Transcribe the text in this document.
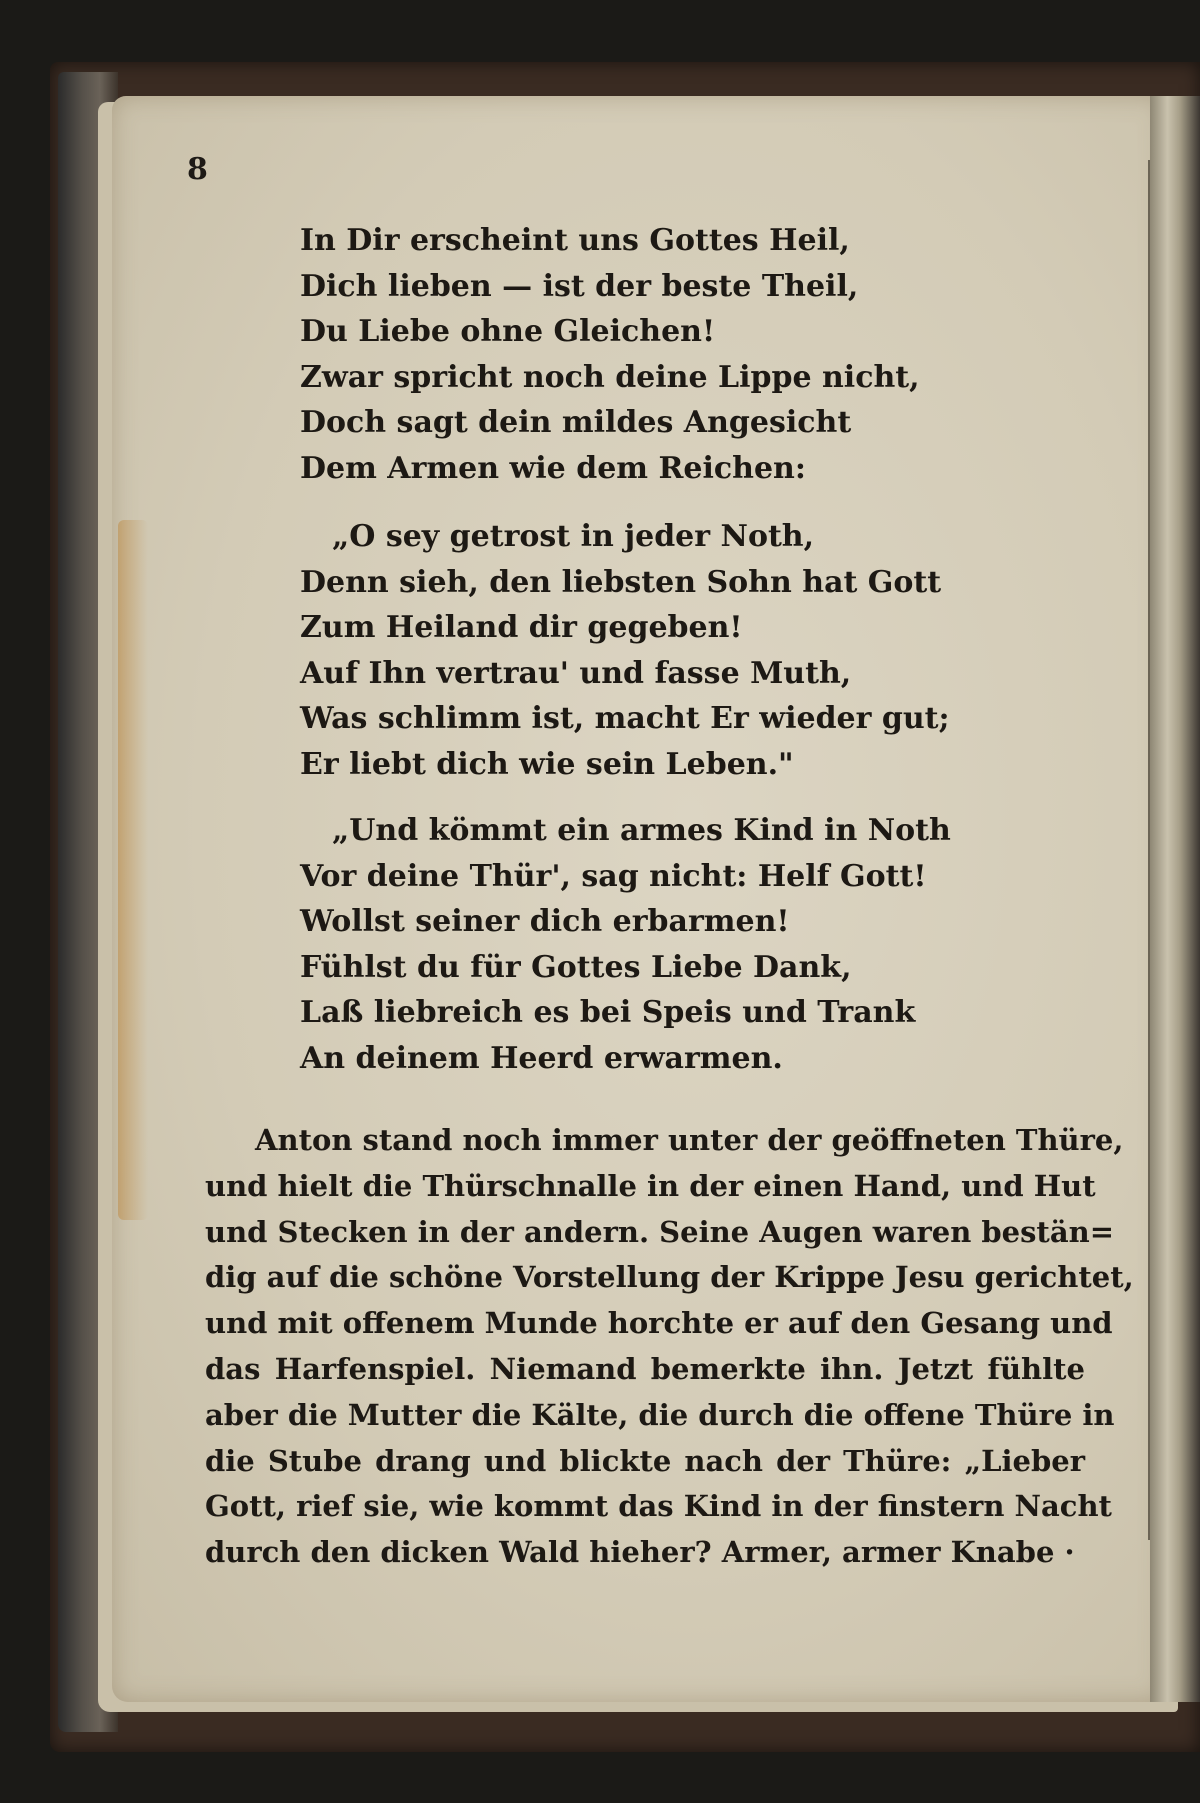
8
In Dir erscheint uns Gottes Heil,
Dich lieben — ist der beste Theil,
Du Liebe ohne Gleichen!
Zwar spricht noch deine Lippe nicht,
Doch sagt dein mildes Angesicht
Dem Armen wie dem Reichen:
„O sey getrost in jeder Noth,
Denn sieh, den liebsten Sohn hat Gott
Zum Heiland dir gegeben!
Auf Ihn vertrau' und fasse Muth,
Was schlimm ist, macht Er wieder gut;
Er liebt dich wie sein Leben."
„Und kömmt ein armes Kind in Noth
Vor deine Thür', sag nicht: Helf Gott!
Wollst seiner dich erbarmen!
Fühlst du für Gottes Liebe Dank,
Laß liebreich es bei Speis und Trank
An deinem Heerd erwarmen.
Anton stand noch immer unter der geöffneten Thüre,
und hielt die Thürschnalle in der einen Hand, und Hut
und Stecken in der andern. Seine Augen waren bestän=
dig auf die schöne Vorstellung der Krippe Jesu gerichtet,
und mit offenem Munde horchte er auf den Gesang und
das Harfenspiel. Niemand bemerkte ihn. Jetzt fühlte
aber die Mutter die Kälte, die durch die offene Thüre in
die Stube drang und blickte nach der Thüre: „Lieber
Gott, rief sie, wie kommt das Kind in der finstern Nacht
durch den dicken Wald hieher? Armer, armer Knabe ·
